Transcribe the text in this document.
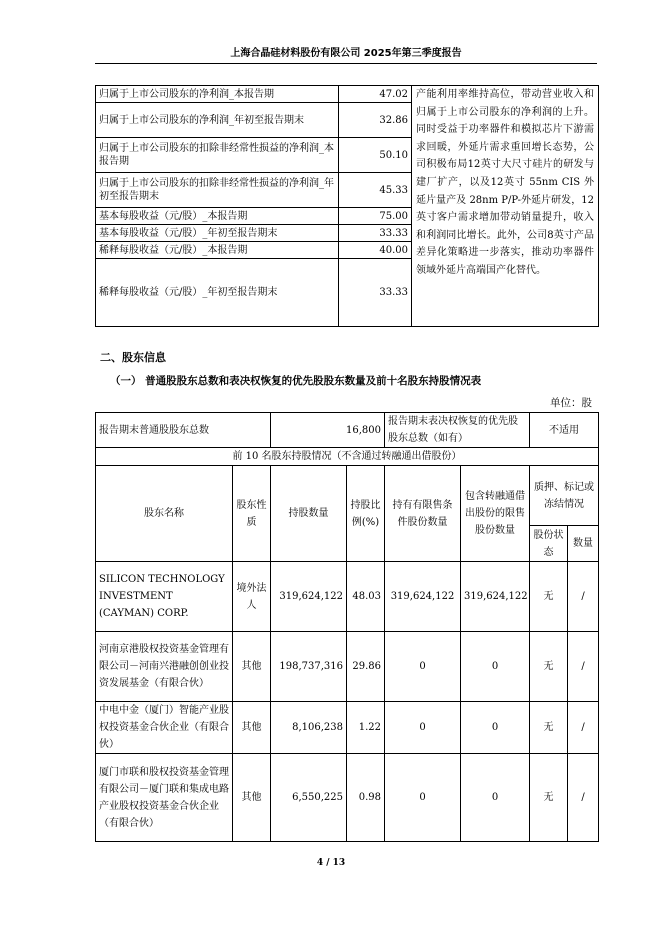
上海合晶硅材料股份有限公司 2025年第三季度报告
归属于上市公司股东的净利润_本报告期	47.02	产能利用率维持高位，带动营业收入和归属于上市公司股东的净利润的上升。同时受益于功率器件和模拟芯片下游需求回暖，外延片需求重回增长态势，公司积极布局12英寸大尺寸硅片的研发与建厂扩产，以及12英寸 55nm CIS 外延片量产及 28nm P/P-外延片研发，12英寸客户需求增加带动销量提升，收入和利润同比增长。此外，公司8英寸产品差异化策略进一步落实，推动功率器件领域外延片高端国产化替代。
归属于上市公司股东的净利润_年初至报告期末	32.86	
归属于上市公司股东的扣除非经常性损益的净利润_本报告期	50.10	
归属于上市公司股东的扣除非经常性损益的净利润_年初至报告期末	45.33	
基本每股收益（元/股）_本报告期	75.00	
基本每股收益（元/股）_年初至报告期末	33.33	
稀释每股收益（元/股）_本报告期	40.00	
稀释每股收益（元/股）_年初至报告期末	33.33	
二、股东信息
（一） 普通股股东总数和表决权恢复的优先股股东数量及前十名股东持股情况表
单位：股
报告期末普通股股东总数		16,800		报告期末表决权恢复的优先股股东总数（如有）		不适用	
前 10 名股东持股情况（不含通过转融通出借股份）							
股东名称	股东性质	持股数量	持股比例(%)	持有有限售条件股份数量	包含转融通借出股份的限售股份数量	质押、标记或冻结情况	
						股份状态	数量
SILICON TECHNOLOGY INVESTMENT (CAYMAN) CORP.	境外法人	319,624,122	48.03	319,624,122	319,624,122	无	/
河南京港股权投资基金管理有限公司－河南兴港融创创业投资发展基金（有限合伙）	其他	198,737,316	29.86	0	0	无	/
中电中金（厦门）智能产业股权投资基金合伙企业（有限合伙）	其他	8,106,238	1.22	0	0	无	/
厦门市联和股权投资基金管理有限公司－厦门联和集成电路产业股权投资基金合伙企业（有限合伙）	其他	6,550,225	0.98	0	0	无	/
4 / 13
